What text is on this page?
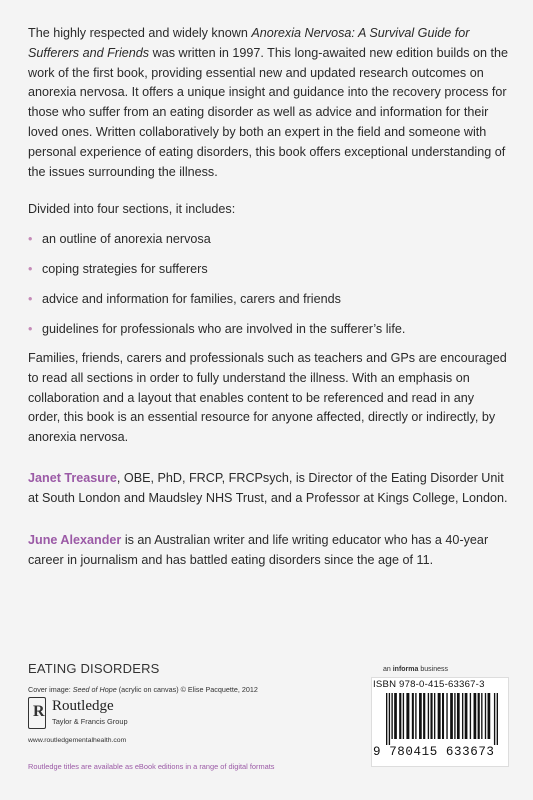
The highly respected and widely known Anorexia Nervosa: A Survival Guide for Sufferers and Friends was written in 1997. This long-awaited new edition builds on the work of the first book, providing essential new and updated research outcomes on anorexia nervosa. It offers a unique insight and guidance into the recovery process for those who suffer from an eating disorder as well as advice and information for their loved ones. Written collaboratively by both an expert in the field and someone with personal experience of eating disorders, this book offers exceptional understanding of the issues surrounding the illness.

Divided into four sections, it includes:

• an outline of anorexia nervosa
• coping strategies for sufferers
• advice and information for families, carers and friends
• guidelines for professionals who are involved in the sufferer’s life.

Families, friends, carers and professionals such as teachers and GPs are encouraged to read all sections in order to fully understand the illness. With an emphasis on collaboration and a layout that enables content to be referenced and read in any order, this book is an essential resource for anyone affected, directly or indirectly, by anorexia nervosa.

Janet Treasure, OBE, PhD, FRCP, FRCPsych, is Director of the Eating Disorder Unit at South London and Maudsley NHS Trust, and a Professor at Kings College, London.

June Alexander is an Australian writer and life writing educator who has a 40-year career in journalism and has battled eating disorders since the age of 11.

EATING DISORDERS
Cover image: Seed of Hope (acrylic on canvas) © Elise Pacquette, 2012
R Routledge
Taylor & Francis Group
www.routledgementalhealth.com
Routledge titles are available as eBook editions in a range of digital formats
an informa business
ISBN 978-0-415-63367-3
9 780415 633673
